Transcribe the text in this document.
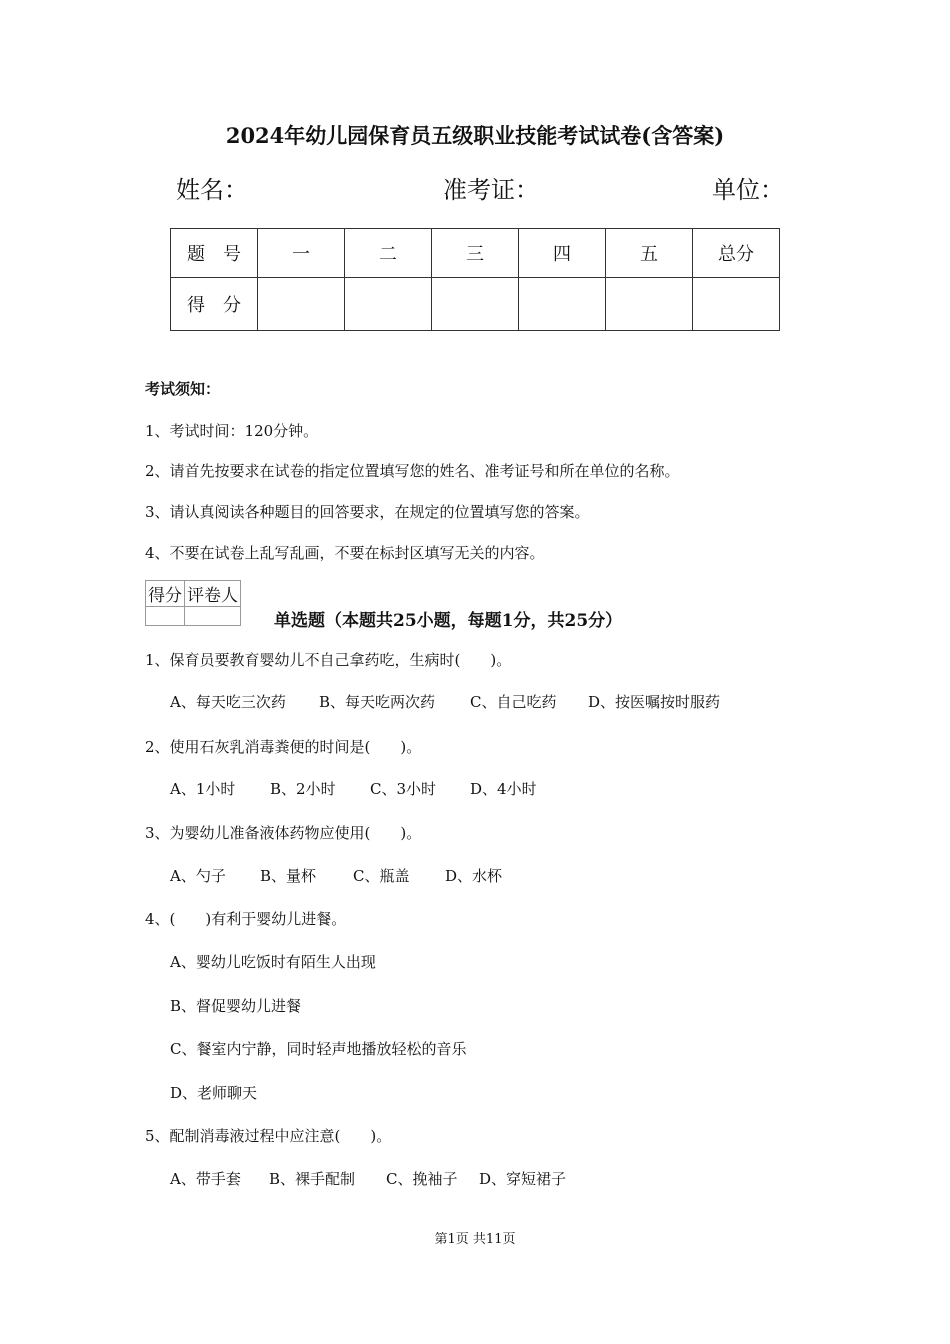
2024年幼儿园保育员五级职业技能考试试卷(含答案)
姓名：	准考证：	单位：
题　号	一	二	三	四	五	总分
得　分						
考试须知：
1、考试时间：120分钟。
2、请首先按要求在试卷的指定位置填写您的姓名、准考证号和所在单位的名称。
3、请认真阅读各种题目的回答要求，在规定的位置填写您的答案。
4、不要在试卷上乱写乱画，不要在标封区填写无关的内容。
得分	评卷人

单选题（本题共25小题，每题1分，共25分）
1、保育员要教育婴幼儿不自己拿药吃，生病时(　　)。
A、每天吃三次药 B、每天吃两次药 C、自己吃药 D、按医嘱按时服药
2、使用石灰乳消毒粪便的时间是(　　)。
A、1小时 B、2小时 C、3小时 D、4小时
3、为婴幼儿准备液体药物应使用(　　)。
A、勺子 B、量杯 C、瓶盖 D、水杯
4、(　　)有利于婴幼儿进餐。
A、婴幼儿吃饭时有陌生人出现
B、督促婴幼儿进餐
C、餐室内宁静，同时轻声地播放轻松的音乐
D、老师聊天
5、配制消毒液过程中应注意(　　)。
A、带手套 B、裸手配制 C、挽袖子 D、穿短裙子
第1页 共11页
